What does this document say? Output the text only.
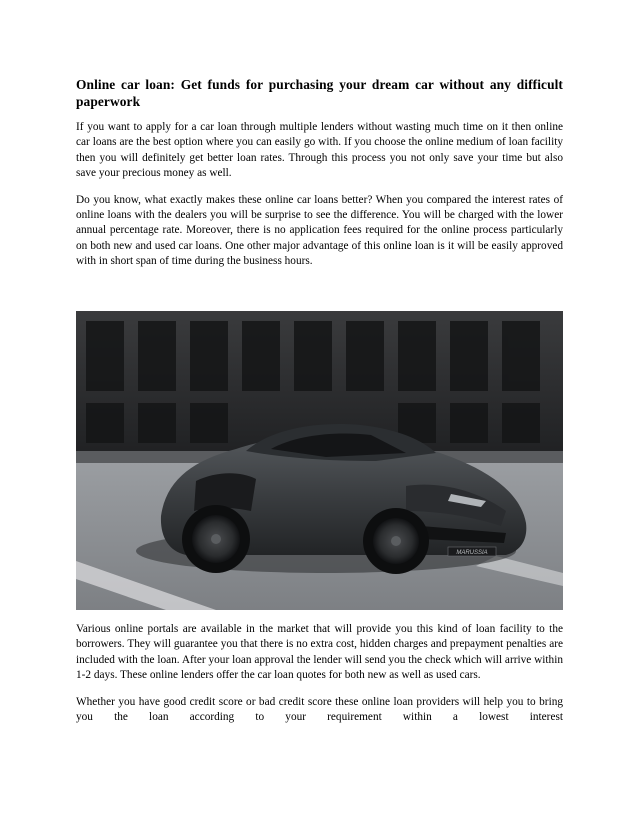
Online car loan: Get funds for purchasing your dream car without any difficult paperwork

If you want to apply for a car loan through multiple lenders without wasting much time on it then online car loans are the best option where you can easily go with. If you choose the online medium of loan facility then you will definitely get better loan rates. Through this process you not only save your time but also save your precious money as well.

Do you know, what exactly makes these online car loans better? When you compared the interest rates of online loans with the dealers you will be surprise to see the difference. You will be charged with the lower annual percentage rate. Moreover, there is no application fees required for the online process particularly on both new and used car loans. One other major advantage of this online loan is it will be easily approved with in short span of time during the business hours.

MARUSSIA

Various online portals are available in the market that will provide you this kind of loan facility to the borrowers. They will guarantee you that there is no extra cost, hidden charges and prepayment penalties are included with the loan. After your loan approval the lender will send you the check which will arrive within 1-2 days. These online lenders offer the car loan quotes for both new as well as used cars.

Whether you have good credit score or bad credit score these online loan providers will help you to bring you the loan according to your requirement within a lowest interest
